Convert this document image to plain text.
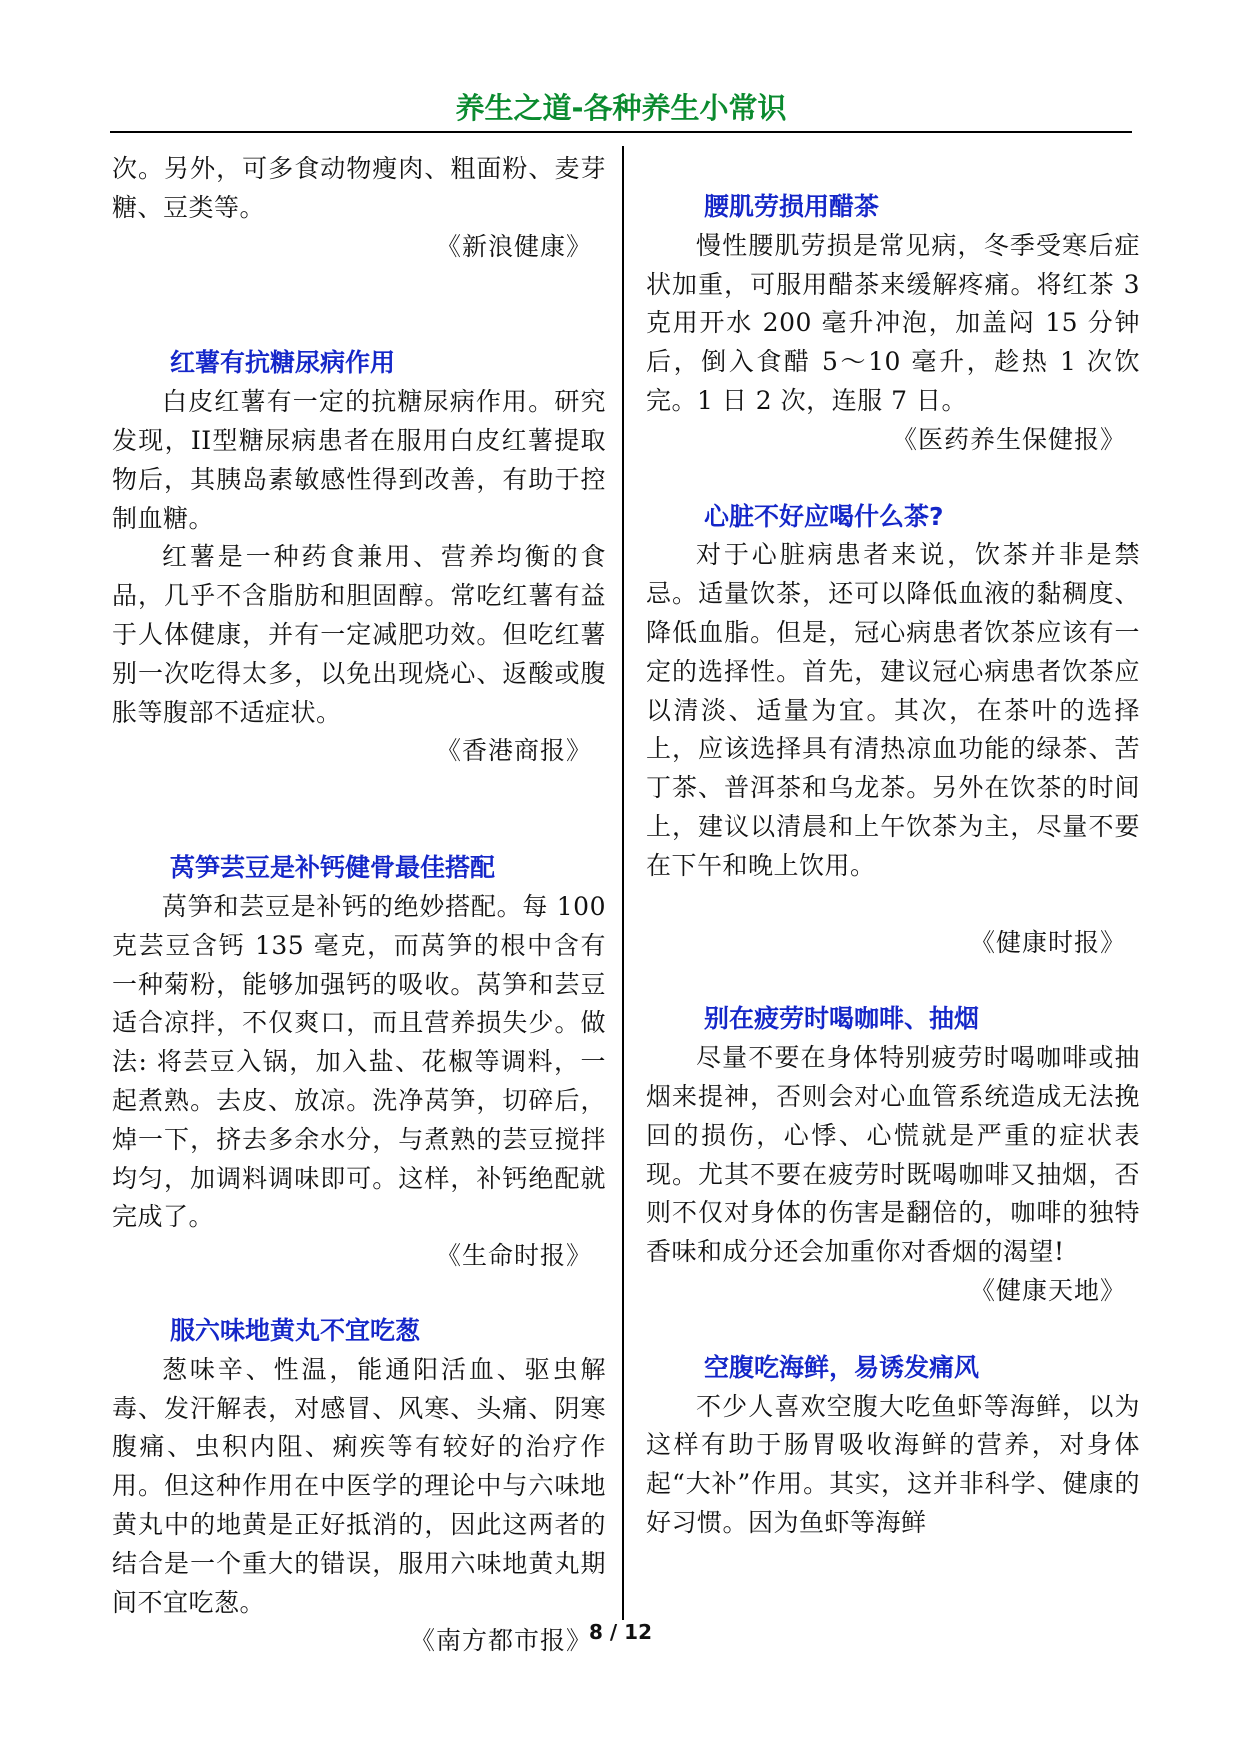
养生之道-各种养生小常识

次。另外，可多食动物瘦肉、粗面粉、麦芽糖、豆类等。

《新浪健康》

红薯有抗糖尿病作用

白皮红薯有一定的抗糖尿病作用。研究发现，II型糖尿病患者在服用白皮红薯提取物后，其胰岛素敏感性得到改善，有助于控制血糖。

红薯是一种药食兼用、营养均衡的食品，几乎不含脂肪和胆固醇。常吃红薯有益于人体健康，并有一定减肥功效。但吃红薯别一次吃得太多，以免出现烧心、返酸或腹胀等腹部不适症状。

《香港商报》

莴笋芸豆是补钙健骨最佳搭配

莴笋和芸豆是补钙的绝妙搭配。每 100 克芸豆含钙 135 毫克，而莴笋的根中含有一种菊粉，能够加强钙的吸收。莴笋和芸豆适合凉拌，不仅爽口，而且营养损失少。做法: 将芸豆入锅，加入盐、花椒等调料，一起煮熟。去皮、放凉。洗净莴笋，切碎后，焯一下，挤去多余水分，与煮熟的芸豆搅拌均匀，加调料调味即可。这样，补钙绝配就完成了。

《生命时报》

服六味地黄丸不宜吃葱

葱味辛、性温，能通阳活血、驱虫解毒、发汗解表，对感冒、风寒、头痛、阴寒腹痛、虫积内阻、痢疾等有较好的治疗作用。但这种作用在中医学的理论中与六味地黄丸中的地黄是正好抵消的，因此这两者的结合是一个重大的错误，服用六味地黄丸期间不宜吃葱。

《南方都市报》

腰肌劳损用醋茶

慢性腰肌劳损是常见病，冬季受寒后症状加重，可服用醋茶来缓解疼痛。将红茶 3 克用开水 200 毫升冲泡，加盖闷 15 分钟后，倒入食醋 5～10 毫升，趁热 1 次饮完。1 日 2 次，连服 7 日。

《医药养生保健报》

心脏不好应喝什么茶?

对于心脏病患者来说，饮茶并非是禁忌。适量饮茶，还可以降低血液的黏稠度、降低血脂。但是，冠心病患者饮茶应该有一定的选择性。首先，建议冠心病患者饮茶应以清淡、适量为宜。其次，在茶叶的选择上，应该选择具有清热凉血功能的绿茶、苦丁茶、普洱茶和乌龙茶。另外在饮茶的时间上，建议以清晨和上午饮茶为主，尽量不要在下午和晚上饮用。

《健康时报》

别在疲劳时喝咖啡、抽烟

尽量不要在身体特别疲劳时喝咖啡或抽烟来提神，否则会对心血管系统造成无法挽回的损伤，心悸、心慌就是严重的症状表现。尤其不要在疲劳时既喝咖啡又抽烟，否则不仅对身体的伤害是翻倍的，咖啡的独特香味和成分还会加重你对香烟的渴望!

《健康天地》

空腹吃海鲜，易诱发痛风

不少人喜欢空腹大吃鱼虾等海鲜，以为这样有助于肠胃吸收海鲜的营养，对身体起“大补”作用。其实，这并非科学、健康的好习惯。因为鱼虾等海鲜

8 / 12
